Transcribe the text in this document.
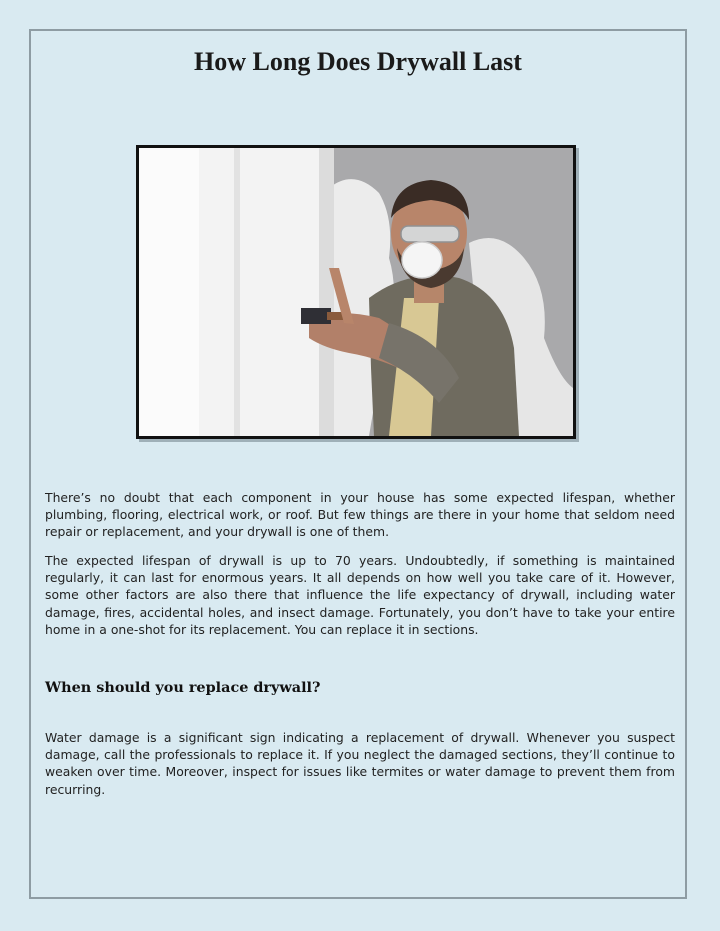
How Long Does Drywall Last

There’s no doubt that each component in your house has some expected lifespan, whether plumbing, flooring, electrical work, or roof. But few things are there in your home that seldom need repair or replacement, and your drywall is one of them.

The expected lifespan of drywall is up to 70 years. Undoubtedly, if something is maintained regularly, it can last for enormous years. It all depends on how well you take care of it. However, some other factors are also there that influence the life expectancy of drywall, including water damage, fires, accidental holes, and insect damage. Fortunately, you don’t have to take your entire home in a one-shot for its replacement. You can replace it in sections.

When should you replace drywall?

Water damage is a significant sign indicating a replacement of drywall. Whenever you suspect damage, call the professionals to replace it. If you neglect the damaged sections, they’ll continue to weaken over time. Moreover, inspect for issues like termites or water damage to prevent them from recurring.
